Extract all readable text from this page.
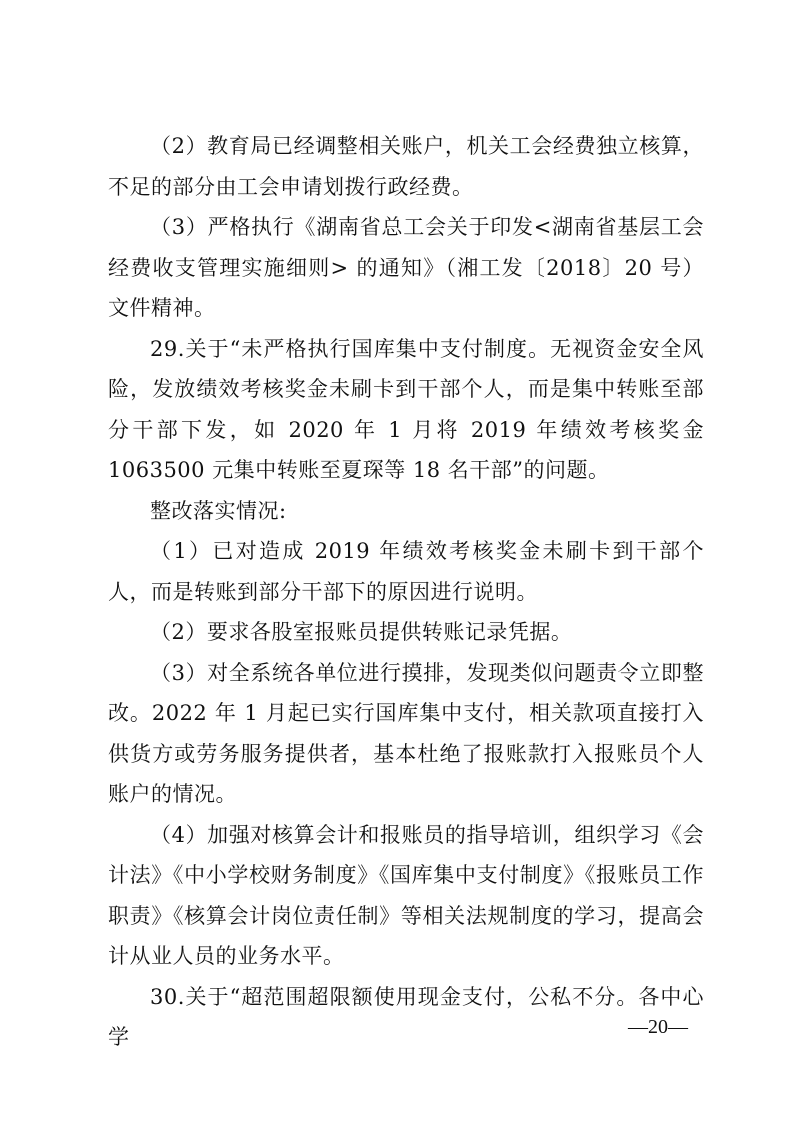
（2）教育局已经调整相关账户，机关工会经费独立核算，不足的部分由工会申请划拨行政经费。

（3）严格执行《湖南省总工会关于印发<湖南省基层工会经费收支管理实施细则> 的通知》（湘工发〔2018〕20 号）文件精神。

29.关于“未严格执行国库集中支付制度。无视资金安全风险，发放绩效考核奖金未刷卡到干部个人，而是集中转账至部分干部下发，如 2020 年 1 月将 2019 年绩效考核奖金 1063500 元集中转账至夏琛等 18 名干部”的问题。

整改落实情况:

（1）已对造成 2019 年绩效考核奖金未刷卡到干部个人，而是转账到部分干部下的原因进行说明。

（2）要求各股室报账员提供转账记录凭据。

（3）对全系统各单位进行摸排，发现类似问题责令立即整改。2022 年 1 月起已实行国库集中支付，相关款项直接打入供货方或劳务服务提供者，基本杜绝了报账款打入报账员个人账户的情况。

（4）加强对核算会计和报账员的指导培训，组织学习《会计法》《中小学校财务制度》《国库集中支付制度》《报账员工作职责》《核算会计岗位责任制》等相关法规制度的学习，提高会计从业人员的业务水平。

30.关于“超范围超限额使用现金支付，公私不分。各中心学	—20—
